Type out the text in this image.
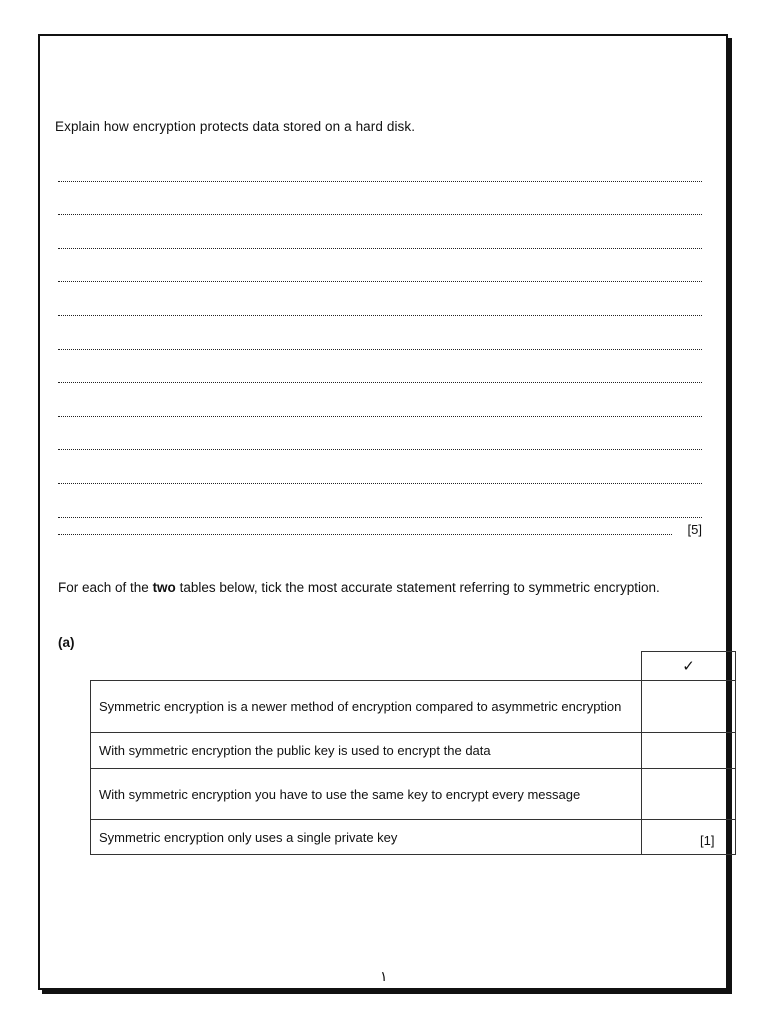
Explain how encryption protects data stored on a hard disk.
[5]
For each of the two tables below, tick the most accurate statement referring to symmetric encryption.
(a)
	✓
Symmetric encryption is a newer method of encryption compared to asymmetric encryption	
With symmetric encryption the public key is used to encrypt the data	
With symmetric encryption you have to use the same key to encrypt every message	
Symmetric encryption only uses a single private key		[1]
١
